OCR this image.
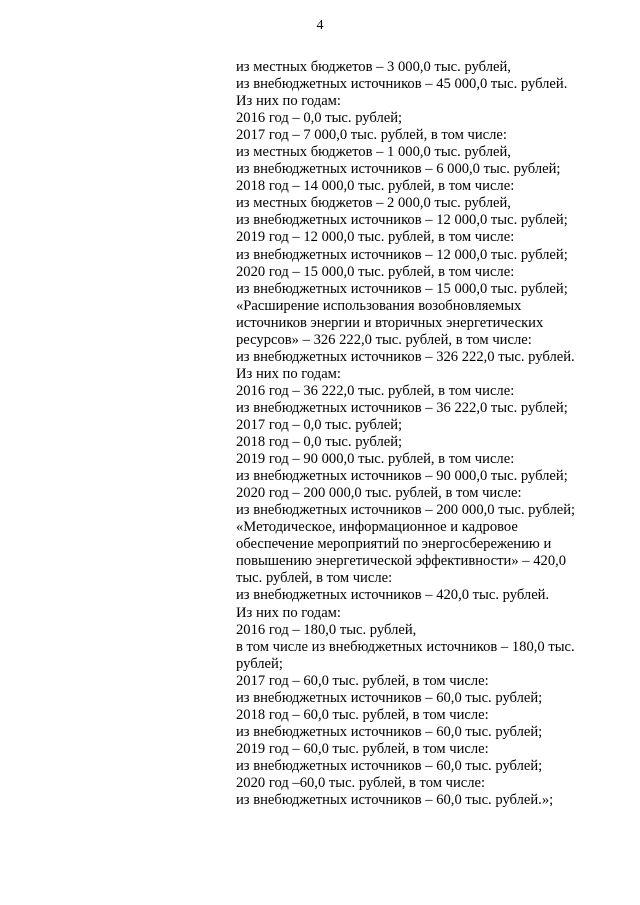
4
из местных бюджетов – 3 000,0 тыс. рублей,
из внебюджетных источников – 45 000,0 тыс. рублей.
Из них по годам:
2016 год – 0,0 тыс. рублей;
2017 год – 7 000,0 тыс. рублей, в том числе:
из местных бюджетов – 1 000,0 тыс. рублей,
из внебюджетных источников – 6 000,0 тыс. рублей;
2018 год – 14 000,0 тыс. рублей, в том числе:
из местных бюджетов – 2 000,0 тыс. рублей,
из внебюджетных источников – 12 000,0 тыс. рублей;
2019 год – 12 000,0 тыс. рублей, в том числе:
из внебюджетных источников – 12 000,0 тыс. рублей;
2020 год – 15 000,0 тыс. рублей, в том числе:
из внебюджетных источников – 15 000,0 тыс. рублей;
«Расширение использования возобновляемых
источников энергии и вторичных энергетических
ресурсов» – 326 222,0 тыс. рублей, в том числе:
из внебюджетных источников – 326 222,0 тыс. рублей.
Из них по годам:
2016 год – 36 222,0 тыс. рублей, в том числе:
из внебюджетных источников – 36 222,0 тыс. рублей;
2017 год – 0,0 тыс. рублей;
2018 год – 0,0 тыс. рублей;
2019 год – 90 000,0 тыс. рублей, в том числе:
из внебюджетных источников – 90 000,0 тыс. рублей;
2020 год – 200 000,0 тыс. рублей, в том числе:
из внебюджетных источников – 200 000,0 тыс. рублей;
«Методическое, информационное и кадровое
обеспечение мероприятий по энергосбережению и
повышению энергетической эффективности» – 420,0
тыс. рублей, в том числе:
из внебюджетных источников – 420,0 тыс. рублей.
Из них по годам:
2016 год – 180,0 тыс. рублей,
в том числе из внебюджетных источников – 180,0 тыс.
рублей;
2017 год – 60,0 тыс. рублей, в том числе:
из внебюджетных источников – 60,0 тыс. рублей;
2018 год – 60,0 тыс. рублей, в том числе:
из внебюджетных источников – 60,0 тыс. рублей;
2019 год – 60,0 тыс. рублей, в том числе:
из внебюджетных источников – 60,0 тыс. рублей;
2020 год –60,0 тыс. рублей, в том числе:
из внебюджетных источников – 60,0 тыс. рублей.»;
